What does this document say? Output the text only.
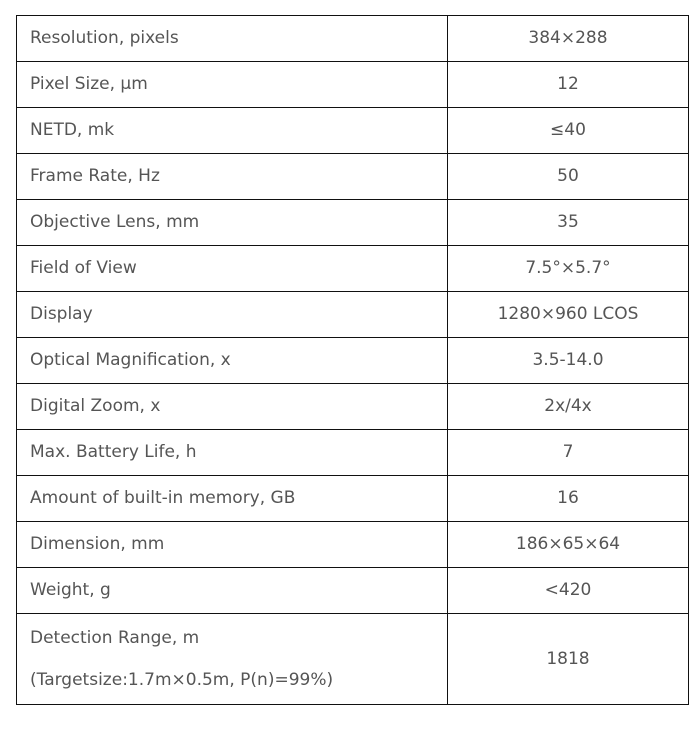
Resolution, pixels	384×288
Pixel Size, μm	12
NETD, mk	≤40
Frame Rate, Hz	50
Objective Lens, mm	35
Field of View	7.5°×5.7°
Display	1280×960 LCOS
Optical Magnification, x	3.5-14.0
Digital Zoom, x	2x/4x
Max. Battery Life, h	7
Amount of built-in memory, GB	16
Dimension, mm	186×65×64
Weight, g	<420

Detection Range, m
(Targetsize:1.7m×0.5m, P(n)=99%)	1818
